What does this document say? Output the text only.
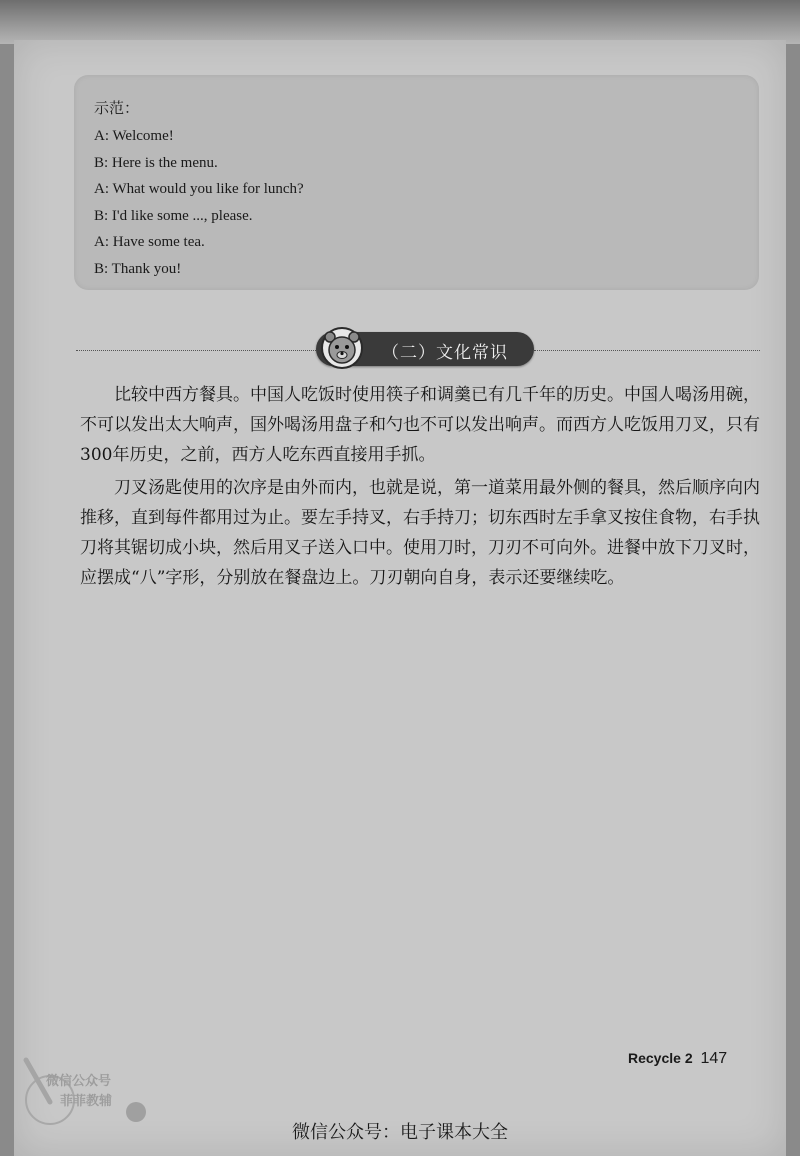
示范：
A: Welcome!
B: Here is the menu.
A: What would you like for lunch?
B: I'd like some ..., please.
A: Have some tea.
B: Thank you!
（二）文化常识

比较中西方餐具。中国人吃饭时使用筷子和调羹已有几千年的历史。中国人喝汤用碗，不可以发出太大响声，国外喝汤用盘子和勺也不可以发出响声。而西方人吃饭用刀叉，只有300年历史，之前，西方人吃东西直接用手抓。

刀叉汤匙使用的次序是由外而内，也就是说，第一道菜用最外侧的餐具，然后顺序向内推移，直到每件都用过为止。要左手持叉，右手持刀；切东西时左手拿叉按住食物，右手执刀将其锯切成小块，然后用叉子送入口中。使用刀时，刀刃不可向外。进餐中放下刀叉时，应摆成“八”字形，分别放在餐盘边上。刀刃朝向自身，表示还要继续吃。

Recycle 2 147
微信公众号
菲菲教辅
微信公众号：电子课本大全
